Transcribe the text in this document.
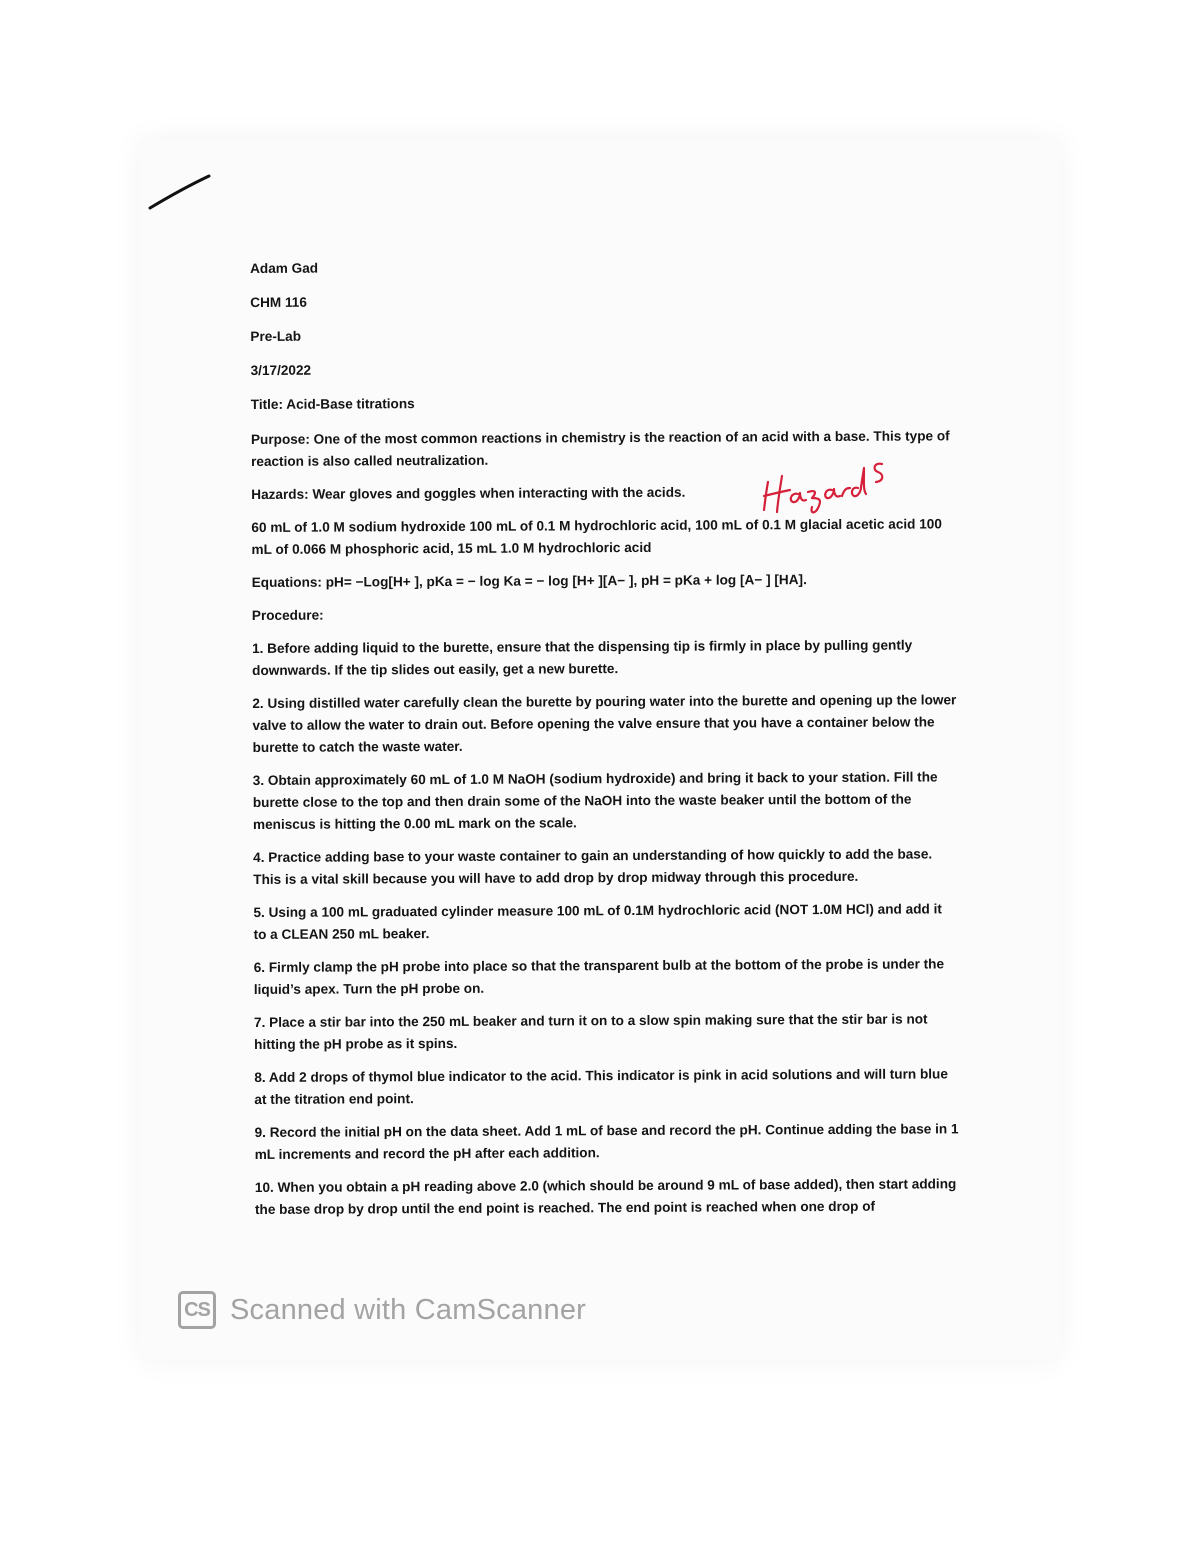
Adam Gad

CHM 116

Pre-Lab

3/17/2022

Title: Acid-Base titrations

Purpose: One of the most common reactions in chemistry is the reaction of an acid with a base. This type of reaction is also called neutralization.

Hazards: Wear gloves and goggles when interacting with the acids.

60 mL of 1.0 M sodium hydroxide 100 mL of 0.1 M hydrochloric acid, 100 mL of 0.1 M glacial acetic acid 100 mL of 0.066 M phosphoric acid, 15 mL 1.0 M hydrochloric acid

Equations: pH= −Log[H+ ], pKa = − log Ka = − log [H+ ][A− ], pH = pKa + log [A− ] [HA].

Procedure:

1. Before adding liquid to the burette, ensure that the dispensing tip is firmly in place by pulling gently downwards. If the tip slides out easily, get a new burette.

2. Using distilled water carefully clean the burette by pouring water into the burette and opening up the lower valve to allow the water to drain out. Before opening the valve ensure that you have a container below the burette to catch the waste water.

3. Obtain approximately 60 mL of 1.0 M NaOH (sodium hydroxide) and bring it back to your station. Fill the burette close to the top and then drain some of the NaOH into the waste beaker until the bottom of the meniscus is hitting the 0.00 mL mark on the scale.

4. Practice adding base to your waste container to gain an understanding of how quickly to add the base. This is a vital skill because you will have to add drop by drop midway through this procedure.

5. Using a 100 mL graduated cylinder measure 100 mL of 0.1M hydrochloric acid (NOT 1.0M HCl) and add it to a CLEAN 250 mL beaker.

6. Firmly clamp the pH probe into place so that the transparent bulb at the bottom of the probe is under the liquid’s apex. Turn the pH probe on.

7. Place a stir bar into the 250 mL beaker and turn it on to a slow spin making sure that the stir bar is not hitting the pH probe as it spins.

8. Add 2 drops of thymol blue indicator to the acid. This indicator is pink in acid solutions and will turn blue at the titration end point.

9. Record the initial pH on the data sheet. Add 1 mL of base and record the pH. Continue adding the base in 1 mL increments and record the pH after each addition.

10. When you obtain a pH reading above 2.0 (which should be around 9 mL of base added), then start adding the base drop by drop until the end point is reached. The end point is reached when one drop of

CS Scanned with CamScanner
